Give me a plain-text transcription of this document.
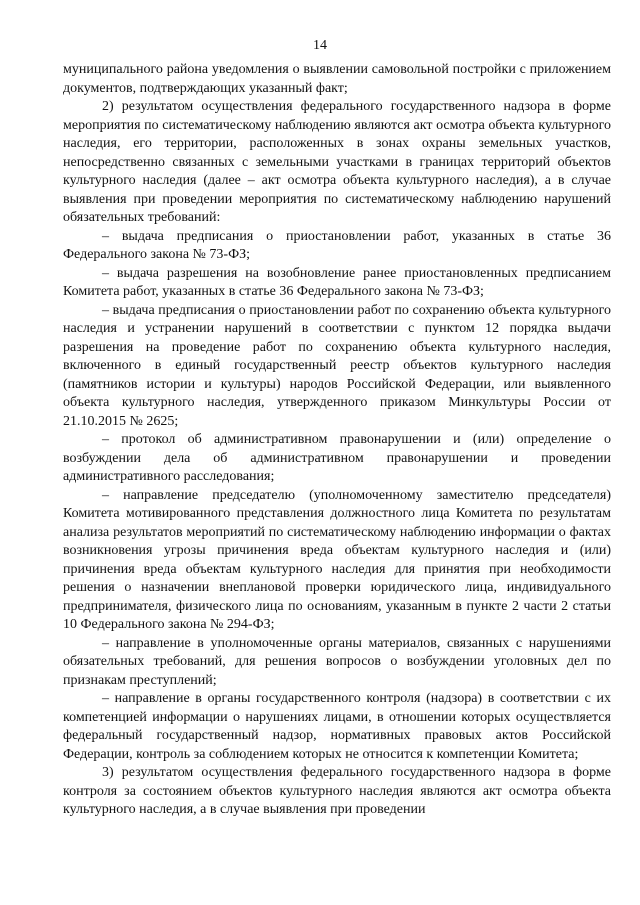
14

муниципального района уведомления о выявлении самовольной постройки с приложением документов, подтверждающих указанный факт;

2) результатом осуществления федерального государственного надзора в форме мероприятия по систематическому наблюдению являются акт осмотра объекта культурного наследия, его территории, расположенных в зонах охраны земельных участков, непосредственно связанных с земельными участками в границах территорий объектов культурного наследия (далее – акт осмотра объекта культурного наследия), а в случае выявления при проведении мероприятия по систематическому наблюдению нарушений обязательных требований:

– выдача предписания о приостановлении работ, указанных в статье 36 Федерального закона № 73-ФЗ;

– выдача разрешения на возобновление ранее приостановленных предписанием Комитета работ, указанных в статье 36 Федерального закона № 73-ФЗ;

– выдача предписания о приостановлении работ по сохранению объекта культурного наследия и устранении нарушений в соответствии с пунктом 12 порядка выдачи разрешения на проведение работ по сохранению объекта культурного наследия, включенного в единый государственный реестр объектов культурного наследия (памятников истории и культуры) народов Российской Федерации, или выявленного объекта культурного наследия, утвержденного приказом Минкультуры России от 21.10.2015 № 2625;

– протокол об административном правонарушении и (или) определение о возбуждении дела об административном правонарушении и проведении административного расследования;

– направление председателю (уполномоченному заместителю председателя) Комитета мотивированного представления должностного лица Комитета по результатам анализа результатов мероприятий по систематическому наблюдению информации о фактах возникновения угрозы причинения вреда объектам культурного наследия и (или) причинения вреда объектам культурного наследия для принятия при необходимости решения о назначении внеплановой проверки юридического лица, индивидуального предпринимателя, физического лица по основаниям, указанным в пункте 2 части 2 статьи 10 Федерального закона № 294-ФЗ;

– направление в уполномоченные органы материалов, связанных с нарушениями обязательных требований, для решения вопросов о возбуждении уголовных дел по признакам преступлений;

– направление в органы государственного контроля (надзора) в соответствии с их компетенцией информации о нарушениях лицами, в отношении которых осуществляется федеральный государственный надзор, нормативных правовых актов Российской Федерации, контроль за соблюдением которых не относится к компетенции Комитета;

3) результатом осуществления федерального государственного надзора в форме контроля за состоянием объектов культурного наследия являются акт осмотра объекта культурного наследия, а в случае выявления при проведении
